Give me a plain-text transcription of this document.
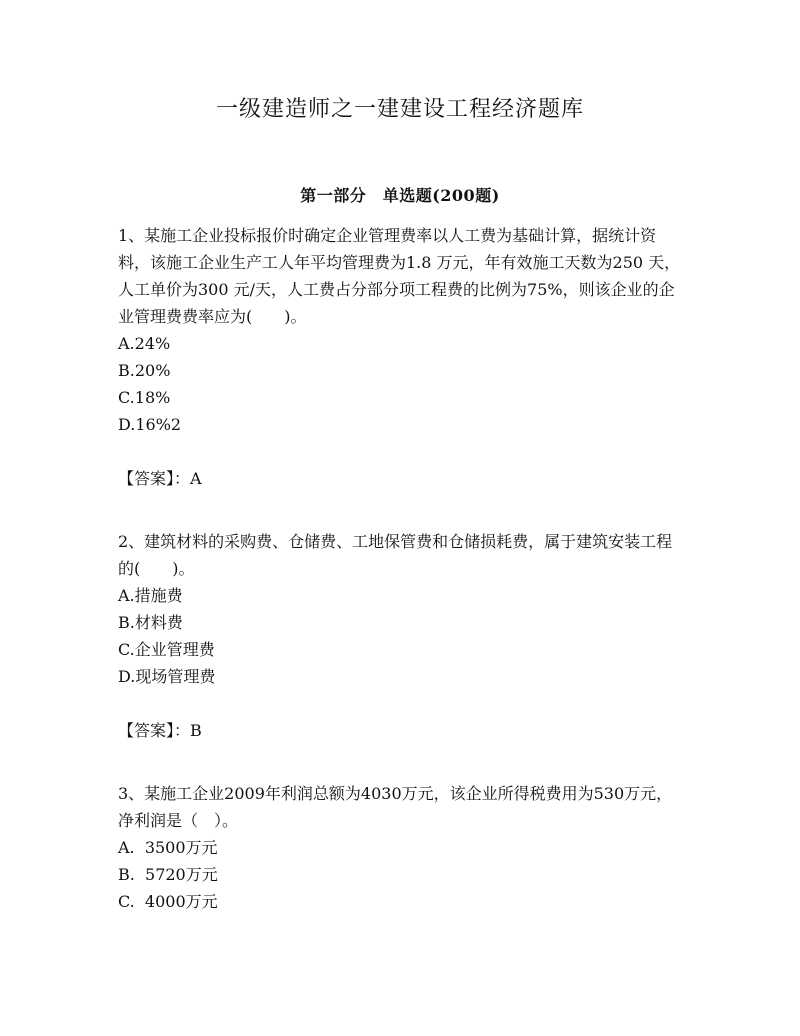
一级建造师之一建建设工程经济题库
第一部分　单选题(200题)

1、某施工企业投标报价时确定企业管理费率以人工费为基础计算，据统计资料，该施工企业生产工人年平均管理费为1.8 万元，年有效施工天数为250 天，人工单价为300 元/天，人工费占分部分项工程费的比例为75%，则该企业的企业管理费费率应为(　　)。

A.24%

B.20%

C.18%

D.16%2

【答案】：A

2、建筑材料的采购费、仓储费、工地保管费和仓储损耗费，属于建筑安装工程的(　　)。

A.措施费

B.材料费

C.企业管理费

D.现场管理费

【答案】：B

3、某施工企业2009年利润总额为4030万元，该企业所得税费用为530万元，净利润是（　）。

A.  3500万元

B.  5720万元

C.  4000万元
